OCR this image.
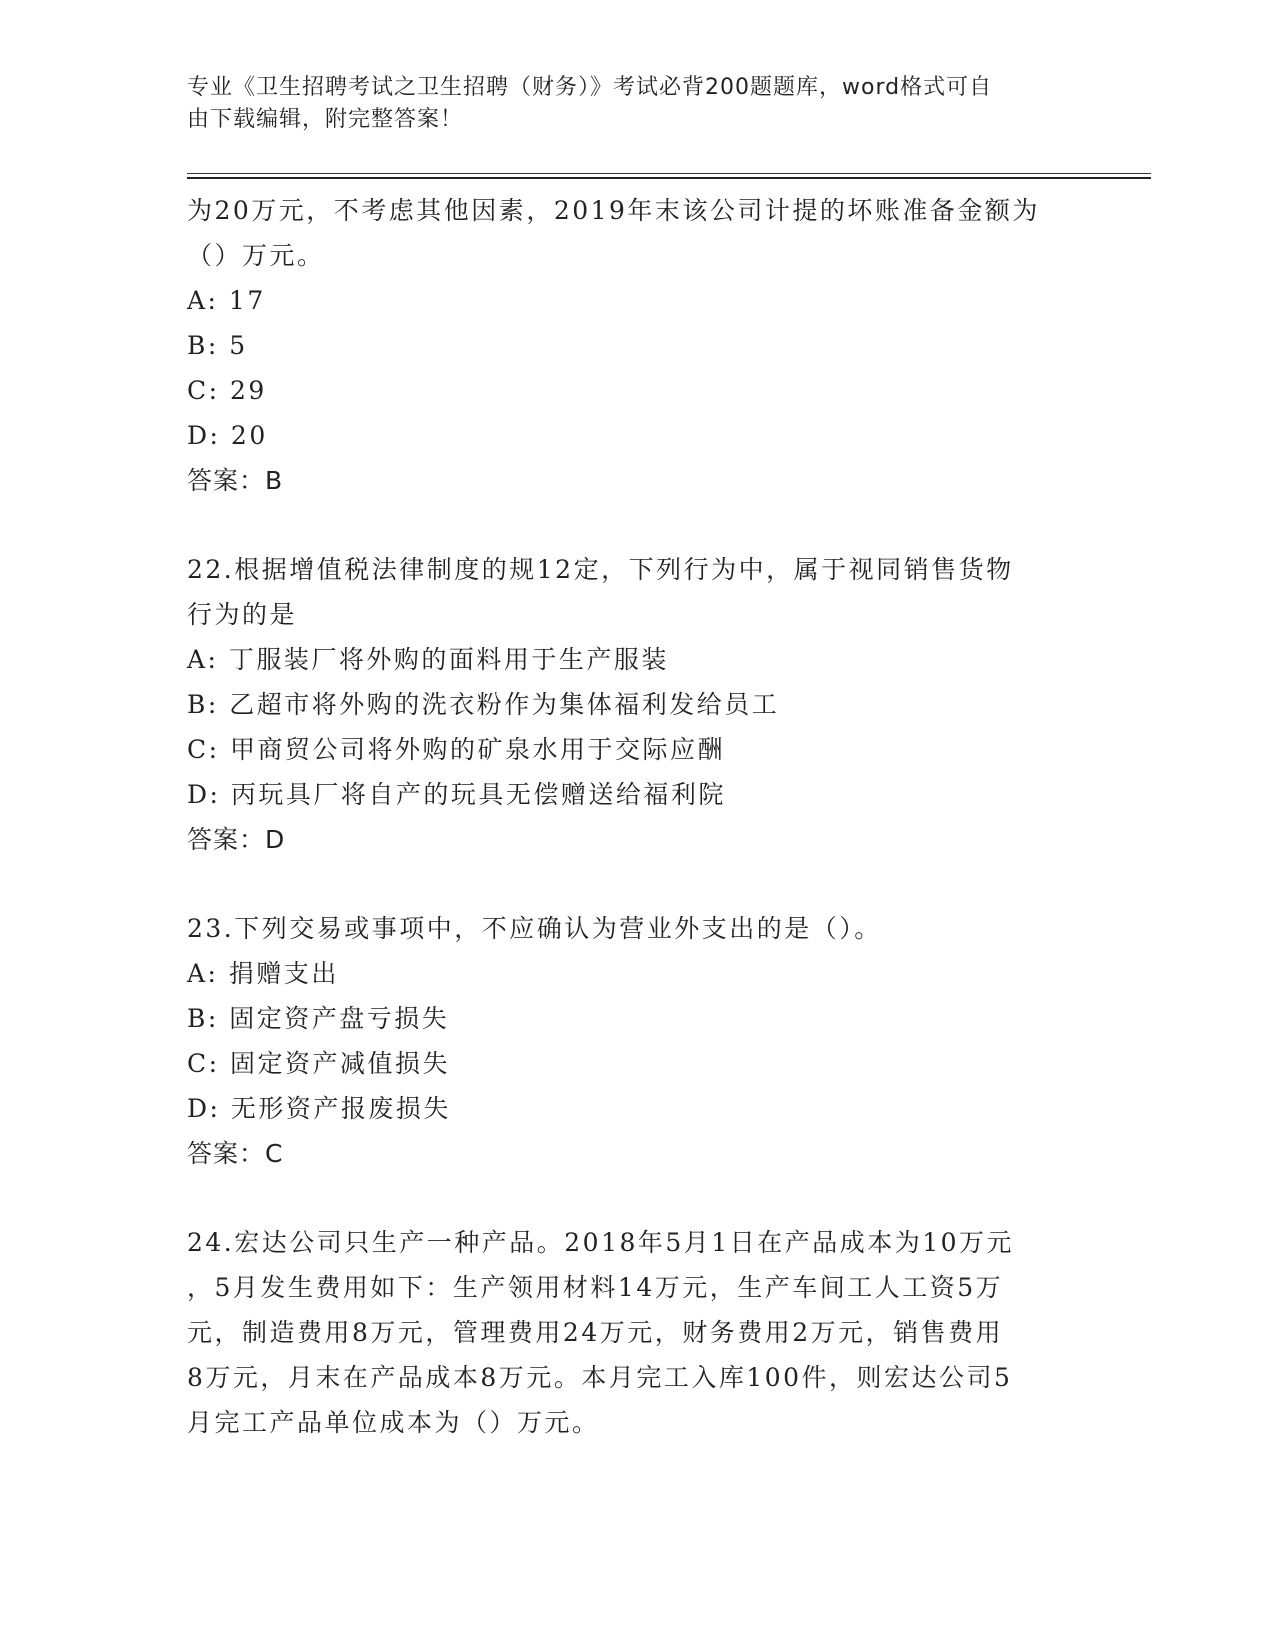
专业《卫生招聘考试之卫生招聘（财务）》考试必背200题题库，word格式可自
由下载编辑，附完整答案！

为20万元，不考虑其他因素，2019年末该公司计提的坏账准备金额为

（）万元。

A: 17

B: 5

C: 29

D: 20

答案：B

22.根据增值税法律制度的规12定，下列行为中，属于视同销售货物

行为的是

A: 丁服装厂将外购的面料用于生产服装

B: 乙超市将外购的洗衣粉作为集体福利发给员工

C: 甲商贸公司将外购的矿泉水用于交际应酬

D: 丙玩具厂将自产的玩具无偿赠送给福利院

答案：D

23.下列交易或事项中，不应确认为营业外支出的是（）。

A: 捐赠支出

B: 固定资产盘亏损失

C: 固定资产减值损失

D: 无形资产报废损失

答案：C

24.宏达公司只生产一种产品。2018年5月1日在产品成本为10万元

，5月发生费用如下：生产领用材料14万元，生产车间工人工资5万

元，制造费用8万元，管理费用24万元，财务费用2万元，销售费用

8万元，月末在产品成本8万元。本月完工入库100件，则宏达公司5

月完工产品单位成本为（）万元。
